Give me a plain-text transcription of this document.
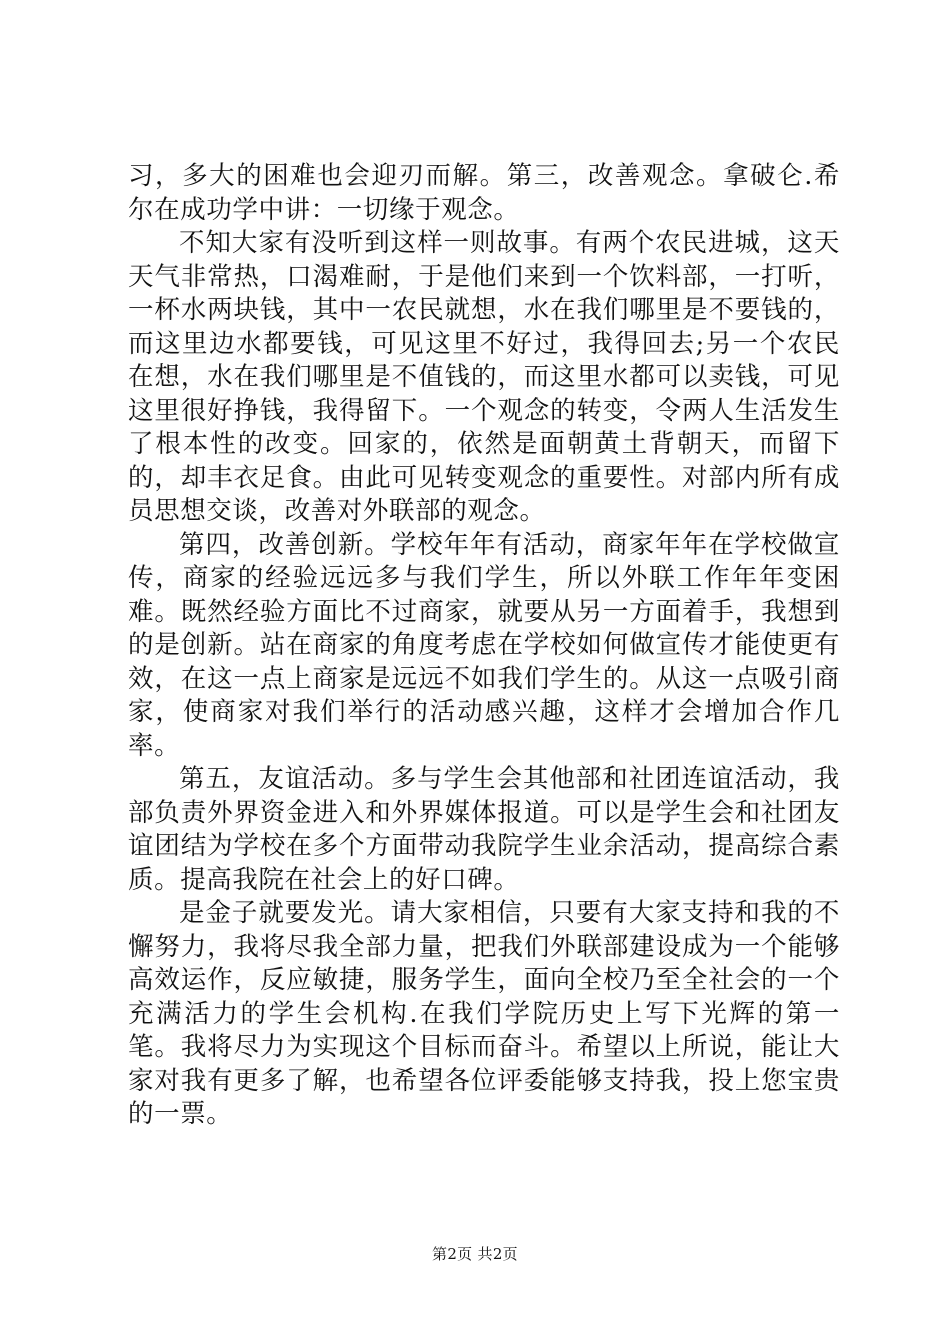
习，多大的困难也会迎刃而解。第三，改善观念。拿破仑.希尔在成功学中讲：一切缘于观念。

不知大家有没听到这样一则故事。有两个农民进城，这天天气非常热，口渴难耐，于是他们来到一个饮料部，一打听，一杯水两块钱，其中一农民就想，水在我们哪里是不要钱的，而这里边水都要钱，可见这里不好过，我得回去;另一个农民在想，水在我们哪里是不值钱的，而这里水都可以卖钱，可见这里很好挣钱，我得留下。一个观念的转变，令两人生活发生了根本性的改变。回家的，依然是面朝黄土背朝天，而留下的，却丰衣足食。由此可见转变观念的重要性。对部内所有成员思想交谈，改善对外联部的观念。

第四，改善创新。学校年年有活动，商家年年在学校做宣传，商家的经验远远多与我们学生，所以外联工作年年变困难。既然经验方面比不过商家，就要从另一方面着手，我想到的是创新。站在商家的角度考虑在学校如何做宣传才能使更有效，在这一点上商家是远远不如我们学生的。从这一点吸引商家，使商家对我们举行的活动感兴趣，这样才会增加合作几率。

第五，友谊活动。多与学生会其他部和社团连谊活动，我部负责外界资金进入和外界媒体报道。可以是学生会和社团友谊团结为学校在多个方面带动我院学生业余活动，提高综合素质。提高我院在社会上的好口碑。

是金子就要发光。请大家相信，只要有大家支持和我的不懈努力，我将尽我全部力量，把我们外联部建设成为一个能够高效运作，反应敏捷，服务学生，面向全校乃至全社会的一个充满活力的学生会机构.在我们学院历史上写下光辉的第一笔。我将尽力为实现这个目标而奋斗。希望以上所说，能让大家对我有更多了解，也希望各位评委能够支持我，投上您宝贵的一票。

第2页 共2页
